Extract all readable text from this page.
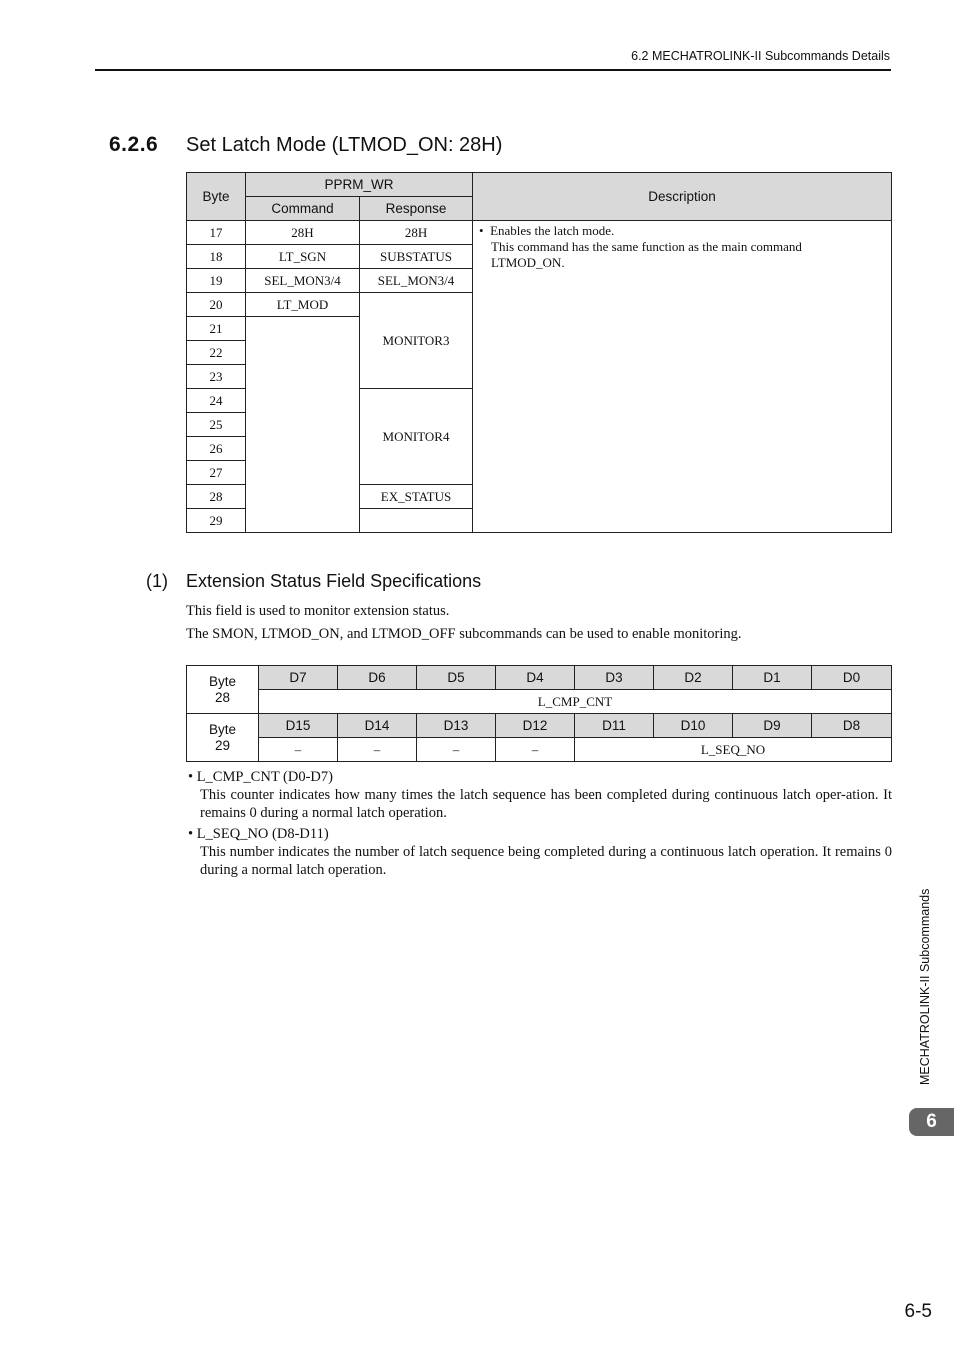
6.2 MECHATROLINK-II Subcommands Details
6.2.6 Set Latch Mode (LTMOD_ON: 28H)
Byte	PPRM_WR		Description
	Command	Response	
17	28H	28H	• Enables the latch mode.
This command has the same function as the main command
LTMOD_ON.

18	LT_SGN	SUBSTATUS	
19	SEL_MON3/4	SEL_MON3/4	
20	LT_MOD	MONITOR3	
21			
22			
23			
24		MONITOR4	
25			
26			
27			
28		EX_STATUS	
29			
(1) Extension Status Field Specifications
This field is used to monitor extension status.
The SMON, LTMOD_ON, and LTMOD_OFF subcommands can be used to enable monitoring.
Byte
28	D7	D6	D5	D4	D3	D2	D1	D0
	L_CMP_CNT							
Byte
29	D15	D14	D13	D12	D11	D10	D9	D8
	–	–	–	–	L_SEQ_NO			
• L_CMP_CNT (D0-D7)
This counter indicates how many times the latch sequence has been completed during continuous latch oper-ation. It remains 0 during a normal latch operation.
• L_SEQ_NO (D8-D11)
This number indicates the number of latch sequence being completed during a continuous latch operation. It remains 0 during a normal latch operation.
MECHATROLINK-II Subcommands
6
6-5
